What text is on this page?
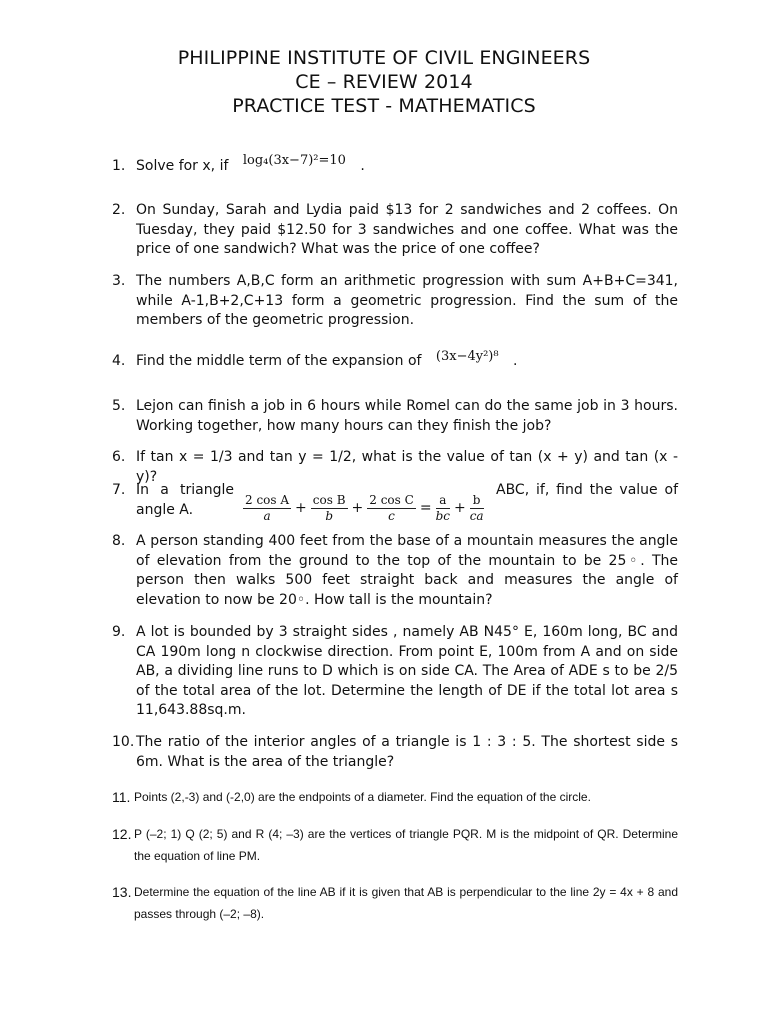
PHILIPPINE INSTITUTE OF CIVIL ENGINEERS
CE – REVIEW 2014
PRACTICE TEST - MATHEMATICS
1. Solve for x, if log₄(3x−7)²=10 .
2. On Sunday, Sarah and Lydia paid $13 for 2 sandwiches and 2 coffees. On Tuesday, they paid $12.50 for 3 sandwiches and one coffee. What was the price of one sandwich? What was the price of one coffee?
3. The numbers A,B,C form an arithmetic progression with sum A+B+C=341, while A-1,B+2,C+13 form a geometric progression. Find the sum of the members of the geometric progression.
4. Find the middle term of the expansion of (3x−4y²)⁸ .
5. Lejon can finish a job in 6 hours while Romel can do the same job in 3 hours. Working together, how many hours can they finish the job?
6. If tan x = 1/3 and tan y = 1/2, what is the value of tan (x + y) and tan (x - y)?
7. In a triangle
angle A.
ABC, if, find the value of
$\frac{\text{2 cos A}}{a} + \frac{\text{cos B}}{b} + \frac{\text{2 cos C}}{c} = \frac{a}{bc} + \frac{b}{ca}$
8. A person standing 400 feet from the base of a mountain measures the angle of elevation from the ground to the top of the mountain to be 25◦. The person then walks 500 feet straight back and measures the angle of elevation to now be 20◦. How tall is the mountain?
9. A lot is bounded by 3 straight sides , namely AB N45° E, 160m long, BC and CA 190m long n clockwise direction. From point E, 100m from A and on side AB, a dividing line runs to D which is on side CA. The Area of ADE s to be 2/5 of the total area of the lot. Determine the length of DE if the total lot area s 11,643.88sq.m.
10. The ratio of the interior angles of a triangle is 1 : 3 : 5. The shortest side s 6m. What is the area of the triangle?
11. Points (2,-3) and (-2,0) are the endpoints of a diameter. Find the equation of the circle.
12. P (–2; 1) Q (2; 5) and R (4; –3) are the vertices of triangle PQR. M is the midpoint of QR. Determine the equation of line PM.
13. Determine the equation of the line AB if it is given that AB is perpendicular to the line 2y = 4x + 8 and passes through (–2; –8).
